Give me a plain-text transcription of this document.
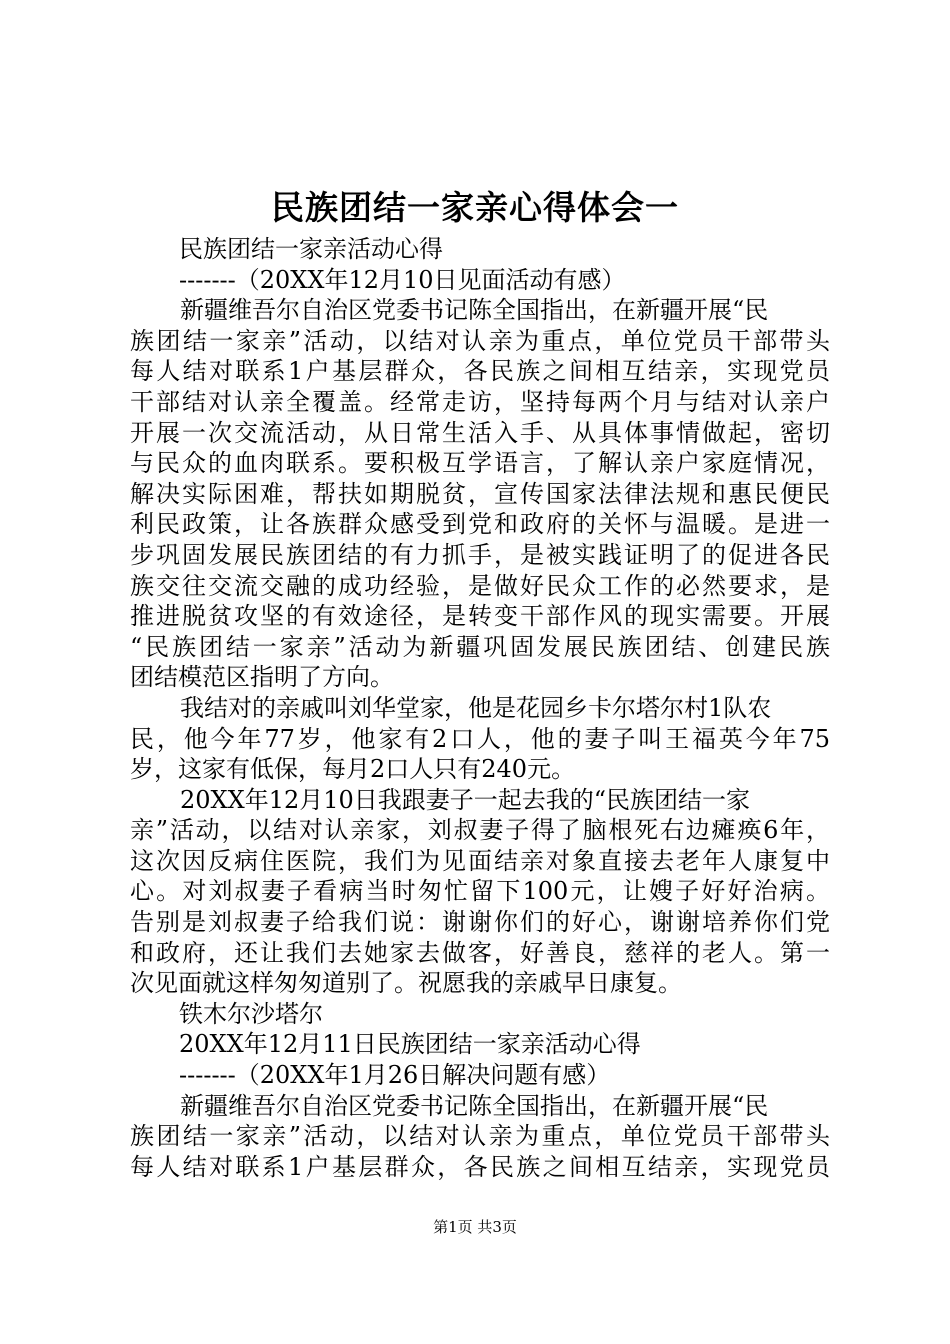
民族团结一家亲心得体会一
民族团结一家亲活动心得
-------（20XX年12月10日见面活动有感）
新疆维吾尔自治区党委书记陈全国指出，在新疆开展“民
族团结一家亲”活动，以结对认亲为重点，单位党员干部带头
每人结对联系1户基层群众，各民族之间相互结亲，实现党员
干部结对认亲全覆盖。经常走访，坚持每两个月与结对认亲户
开展一次交流活动，从日常生活入手、从具体事情做起，密切
与民众的血肉联系。要积极互学语言，了解认亲户家庭情况，
解决实际困难，帮扶如期脱贫，宣传国家法律法规和惠民便民
利民政策，让各族群众感受到党和政府的关怀与温暖。是进一
步巩固发展民族团结的有力抓手，是被实践证明了的促进各民
族交往交流交融的成功经验，是做好民众工作的必然要求，是
推进脱贫攻坚的有效途径，是转变干部作风的现实需要。开展
“民族团结一家亲”活动为新疆巩固发展民族团结、创建民族
团结模范区指明了方向。
我结对的亲戚叫刘华堂家，他是花园乡卡尔塔尔村1队农
民，他今年77岁，他家有2口人，他的妻子叫王福英今年75
岁，这家有低保，每月2口人只有240元。
20XX年12月10日我跟妻子一起去我的“民族团结一家
亲”活动，以结对认亲家，刘叔妻子得了脑根死右边瘫痪6年，
这次因反病住医院，我们为见面结亲对象直接去老年人康复中
心。对刘叔妻子看病当时匆忙留下100元，让嫂子好好治病。
告别是刘叔妻子给我们说：谢谢你们的好心，谢谢培养你们党
和政府，还让我们去她家去做客，好善良，慈祥的老人。第一
次见面就这样匆匆道别了。祝愿我的亲戚早日康复。
铁木尔沙塔尔
20XX年12月11日民族团结一家亲活动心得
-------（20XX年1月26日解决问题有感）
新疆维吾尔自治区党委书记陈全国指出，在新疆开展“民
族团结一家亲”活动，以结对认亲为重点，单位党员干部带头
每人结对联系1户基层群众，各民族之间相互结亲，实现党员
第1页 共3页
